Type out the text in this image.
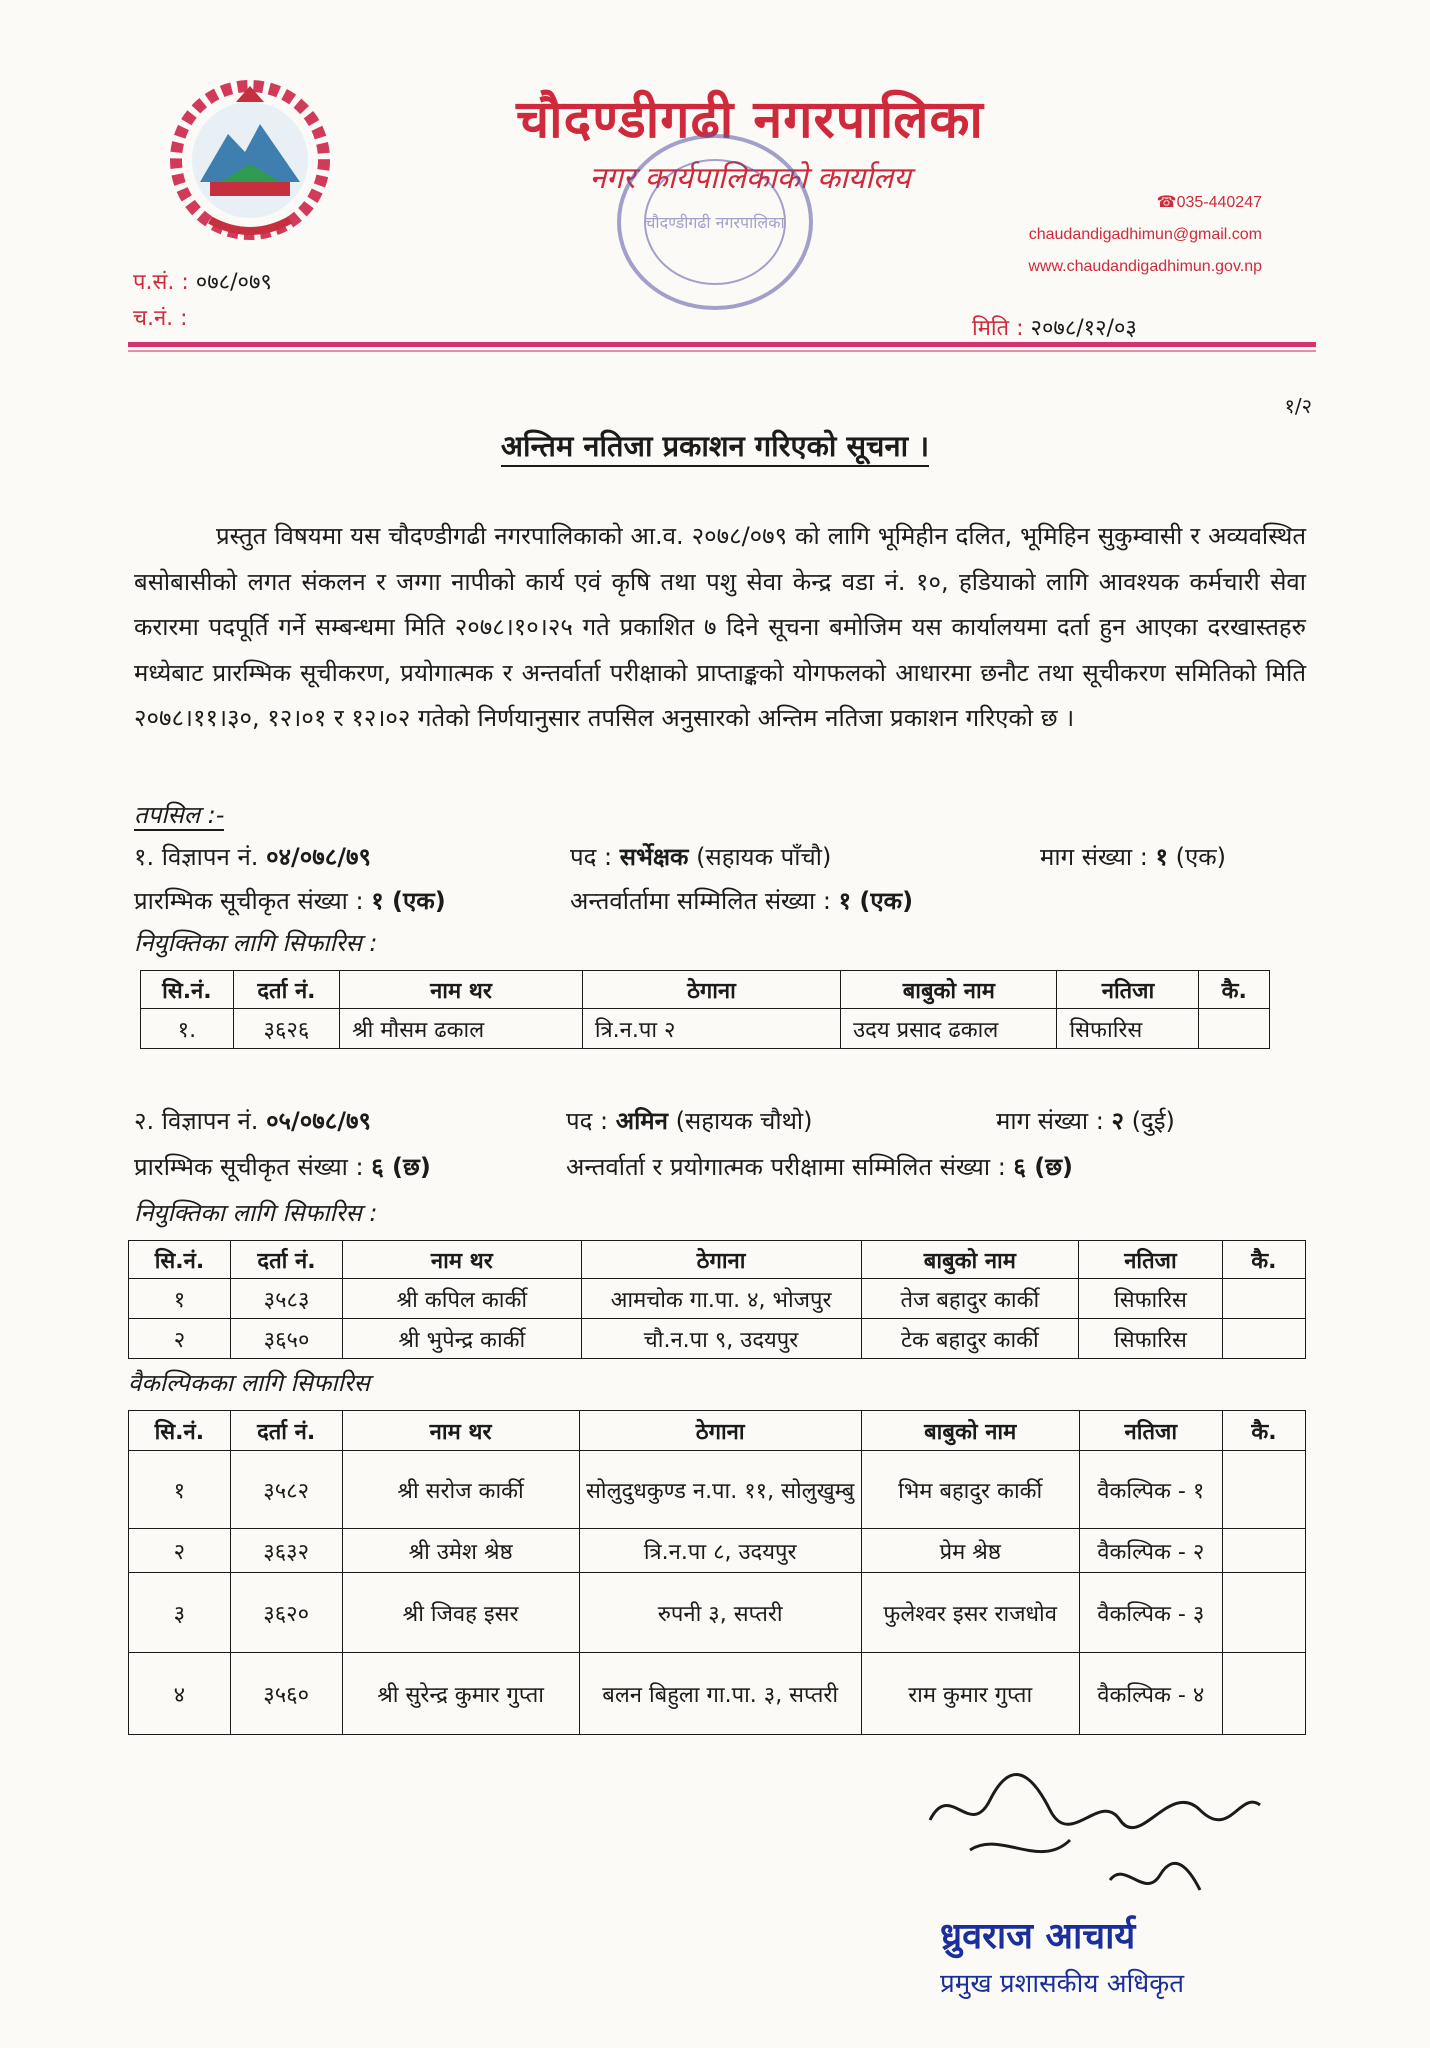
चौदण्डीगढी नगरपालिका
नगर कार्यपालिकाको कार्यालय
चौदण्डीगढी नगरपालिका
☎035-440247
chaudandigadhimun@gmail.com
www.chaudandigadhimun.gov.np
प.सं. : ०७८/०७९
च.नं. :	मिति : २०७८/१२/०३
१/२
अन्तिम नतिजा प्रकाशन गरिएको सूचना ।
प्रस्तुत विषयमा यस चौदण्डीगढी नगरपालिकाको आ.व. २०७८/०७९ को लागि भूमिहीन दलित, भूमिहिन सुकुम्वासी र अव्यवस्थित बसोबासीको लगत संकलन र जग्गा नापीको कार्य एवं कृषि तथा पशु सेवा केन्द्र वडा नं. १०, हडियाको लागि आवश्यक कर्मचारी सेवा करारमा पदपूर्ति गर्ने सम्बन्धमा मिति २०७८।१०।२५ गते प्रकाशित ७ दिने सूचना बमोजिम यस कार्यालयमा दर्ता हुन आएका दरखास्तहरु मध्येबाट प्रारम्भिक सूचीकरण, प्रयोगात्मक र अन्तर्वार्ता परीक्षाको प्राप्ताङ्कको योगफलको आधारमा छनौट तथा सूचीकरण समितिको मिति २०७८।११।३०, १२।०१ र १२।०२ गतेको निर्णयानुसार तपसिल अनुसारको अन्तिम नतिजा प्रकाशन गरिएको छ ।
तपसिल :-
१. विज्ञापन नं. ०४/०७८/७९	पद : सर्भेक्षक (सहायक पाँचौ)	माग संख्या : १ (एक)
प्रारम्भिक सूचीकृत संख्या : १ (एक)	अन्तर्वार्तामा सम्मिलित संख्या : १ (एक)
नियुक्तिका लागि सिफारिस :
सि.नं.	दर्ता नं.	नाम थर	ठेगाना	बाबुको नाम	नतिजा	कै.
१.	३६२६	श्री मौसम ढकाल	त्रि.न.पा २	उदय प्रसाद ढकाल	सिफारिस	
२. विज्ञापन नं. ०५/०७८/७९	पद : अमिन (सहायक चौथो)	माग संख्या : २ (दुई)
प्रारम्भिक सूचीकृत संख्या : ६ (छ)	अन्तर्वार्ता र प्रयोगात्मक परीक्षामा सम्मिलित संख्या : ६ (छ)
नियुक्तिका लागि सिफारिस :
सि.नं.	दर्ता नं.	नाम थर	ठेगाना	बाबुको नाम	नतिजा	कै.
१	३५८३	श्री कपिल कार्की	आमचोक गा.पा. ४, भोजपुर	तेज बहादुर कार्की	सिफारिस	
२	३६५०	श्री भुपेन्द्र कार्की	चौ.न.पा ९, उदयपुर	टेक बहादुर कार्की	सिफारिस	
वैकल्पिकका लागि सिफारिस
सि.नं.	दर्ता नं.	नाम थर	ठेगाना	बाबुको नाम	नतिजा	कै.
१	३५८२	श्री सरोज कार्की	सोलुदुधकुण्ड न.पा. ११, सोलुखुम्बु	भिम बहादुर कार्की	वैकल्पिक - १	
२	३६३२	श्री उमेश श्रेष्ठ	त्रि.न.पा ८, उदयपुर	प्रेम श्रेष्ठ	वैकल्पिक - २	
३	३६२०	श्री जिवह इसर	रुपनी ३, सप्तरी	फुलेश्वर इसर राजधोव	वैकल्पिक - ३	
४	३५६०	श्री सुरेन्द्र कुमार गुप्ता	बलन बिहुला गा.पा. ३, सप्तरी	राम कुमार गुप्ता	वैकल्पिक - ४	
ध्रुवराज आचार्य
प्रमुख प्रशासकीय अधिकृत
